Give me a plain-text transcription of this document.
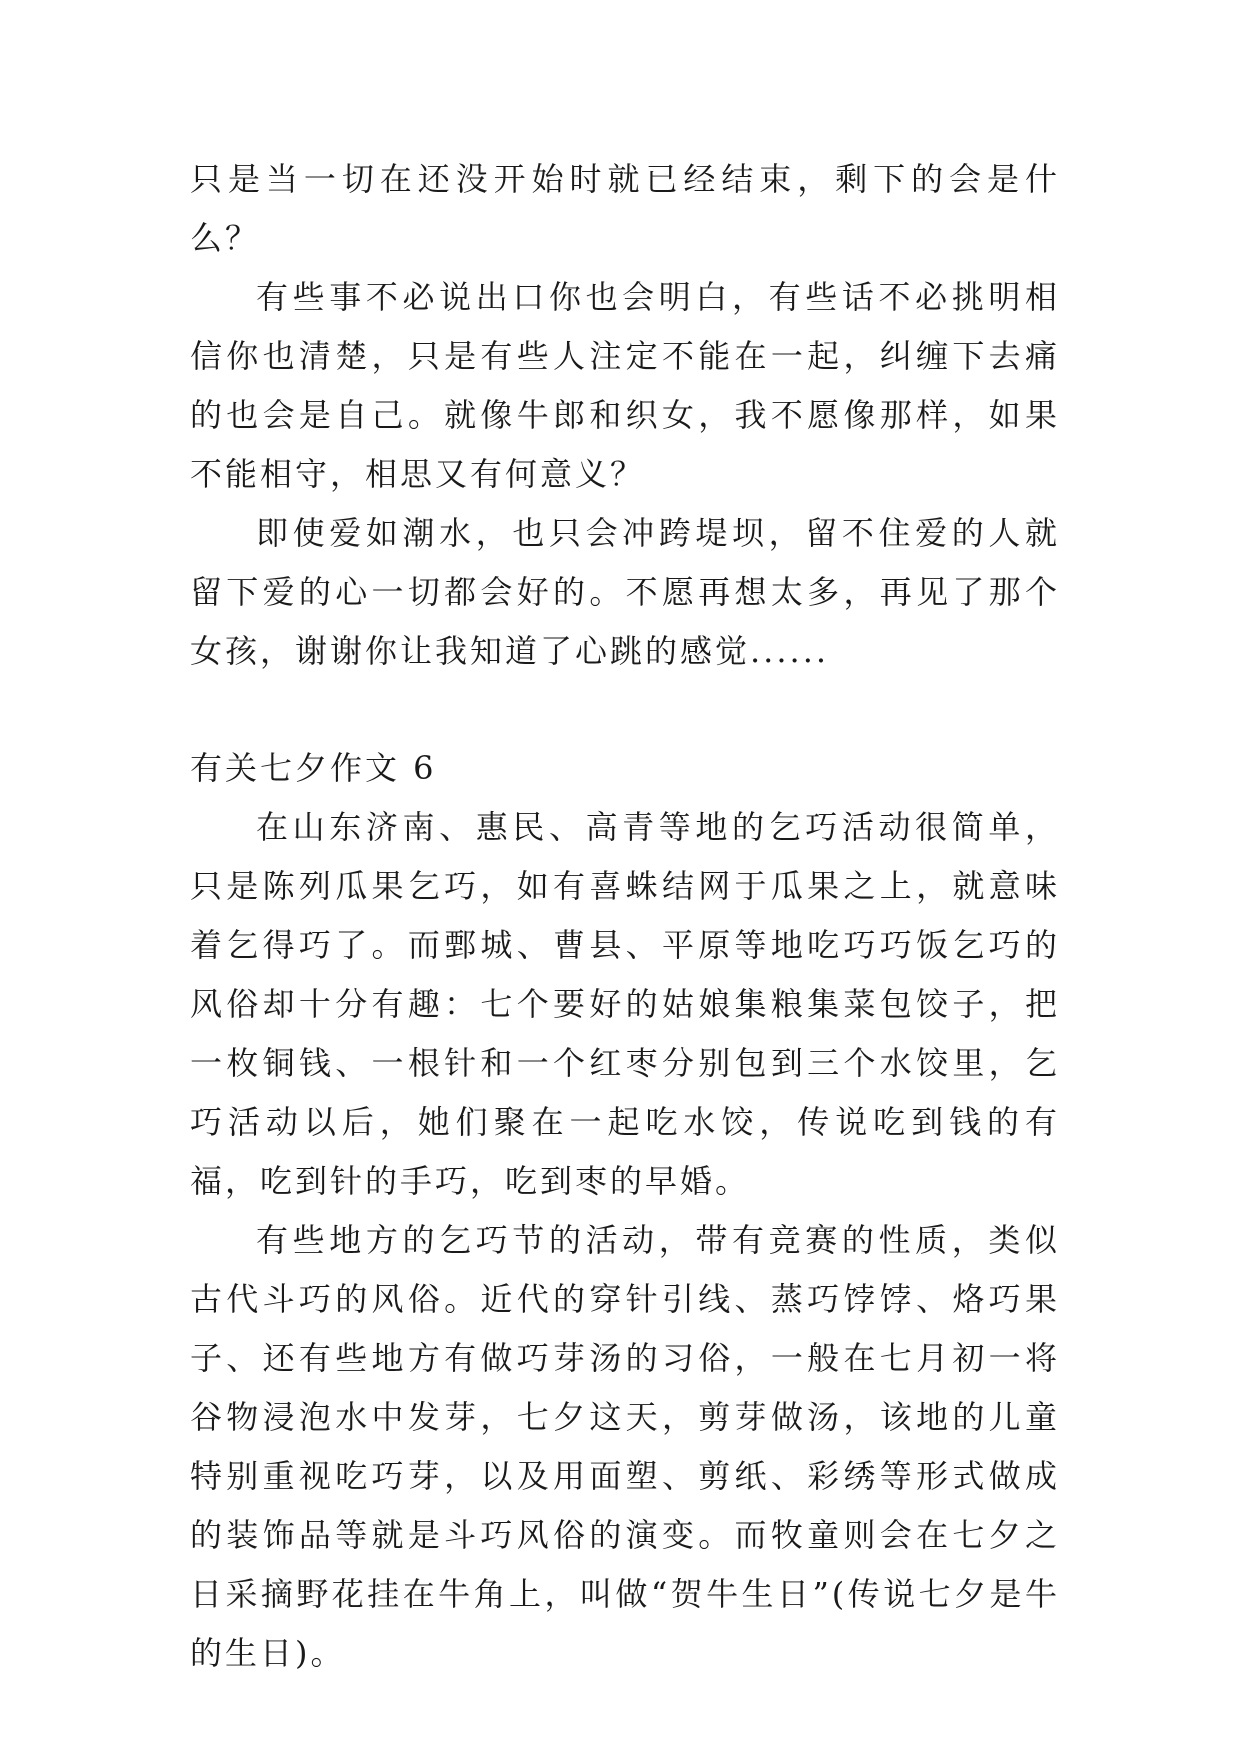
只是当一切在还没开始时就已经结束，剩下的会是什么？

有些事不必说出口你也会明白，有些话不必挑明相信你也清楚，只是有些人注定不能在一起，纠缠下去痛的也会是自己。就像牛郎和织女，我不愿像那样，如果不能相守，相思又有何意义？

即使爱如潮水，也只会冲跨堤坝，留不住爱的人就留下爱的心一切都会好的。不愿再想太多，再见了那个女孩，谢谢你让我知道了心跳的感觉......

有关七夕作文 6

在山东济南、惠民、高青等地的乞巧活动很简单，只是陈列瓜果乞巧，如有喜蛛结网于瓜果之上，就意味着乞得巧了。而鄄城、曹县、平原等地吃巧巧饭乞巧的风俗却十分有趣：七个要好的姑娘集粮集菜包饺子，把一枚铜钱、一根针和一个红枣分别包到三个水饺里，乞巧活动以后，她们聚在一起吃水饺，传说吃到钱的有福，吃到针的手巧，吃到枣的早婚。

有些地方的乞巧节的活动，带有竞赛的性质，类似古代斗巧的风俗。近代的穿针引线、蒸巧饽饽、烙巧果子、还有些地方有做巧芽汤的习俗，一般在七月初一将谷物浸泡水中发芽，七夕这天，剪芽做汤，该地的儿童特别重视吃巧芽，以及用面塑、剪纸、彩绣等形式做成的装饰品等就是斗巧风俗的演变。而牧童则会在七夕之日采摘野花挂在牛角上，叫做“贺牛生日”(传说七夕是牛的生日)。
